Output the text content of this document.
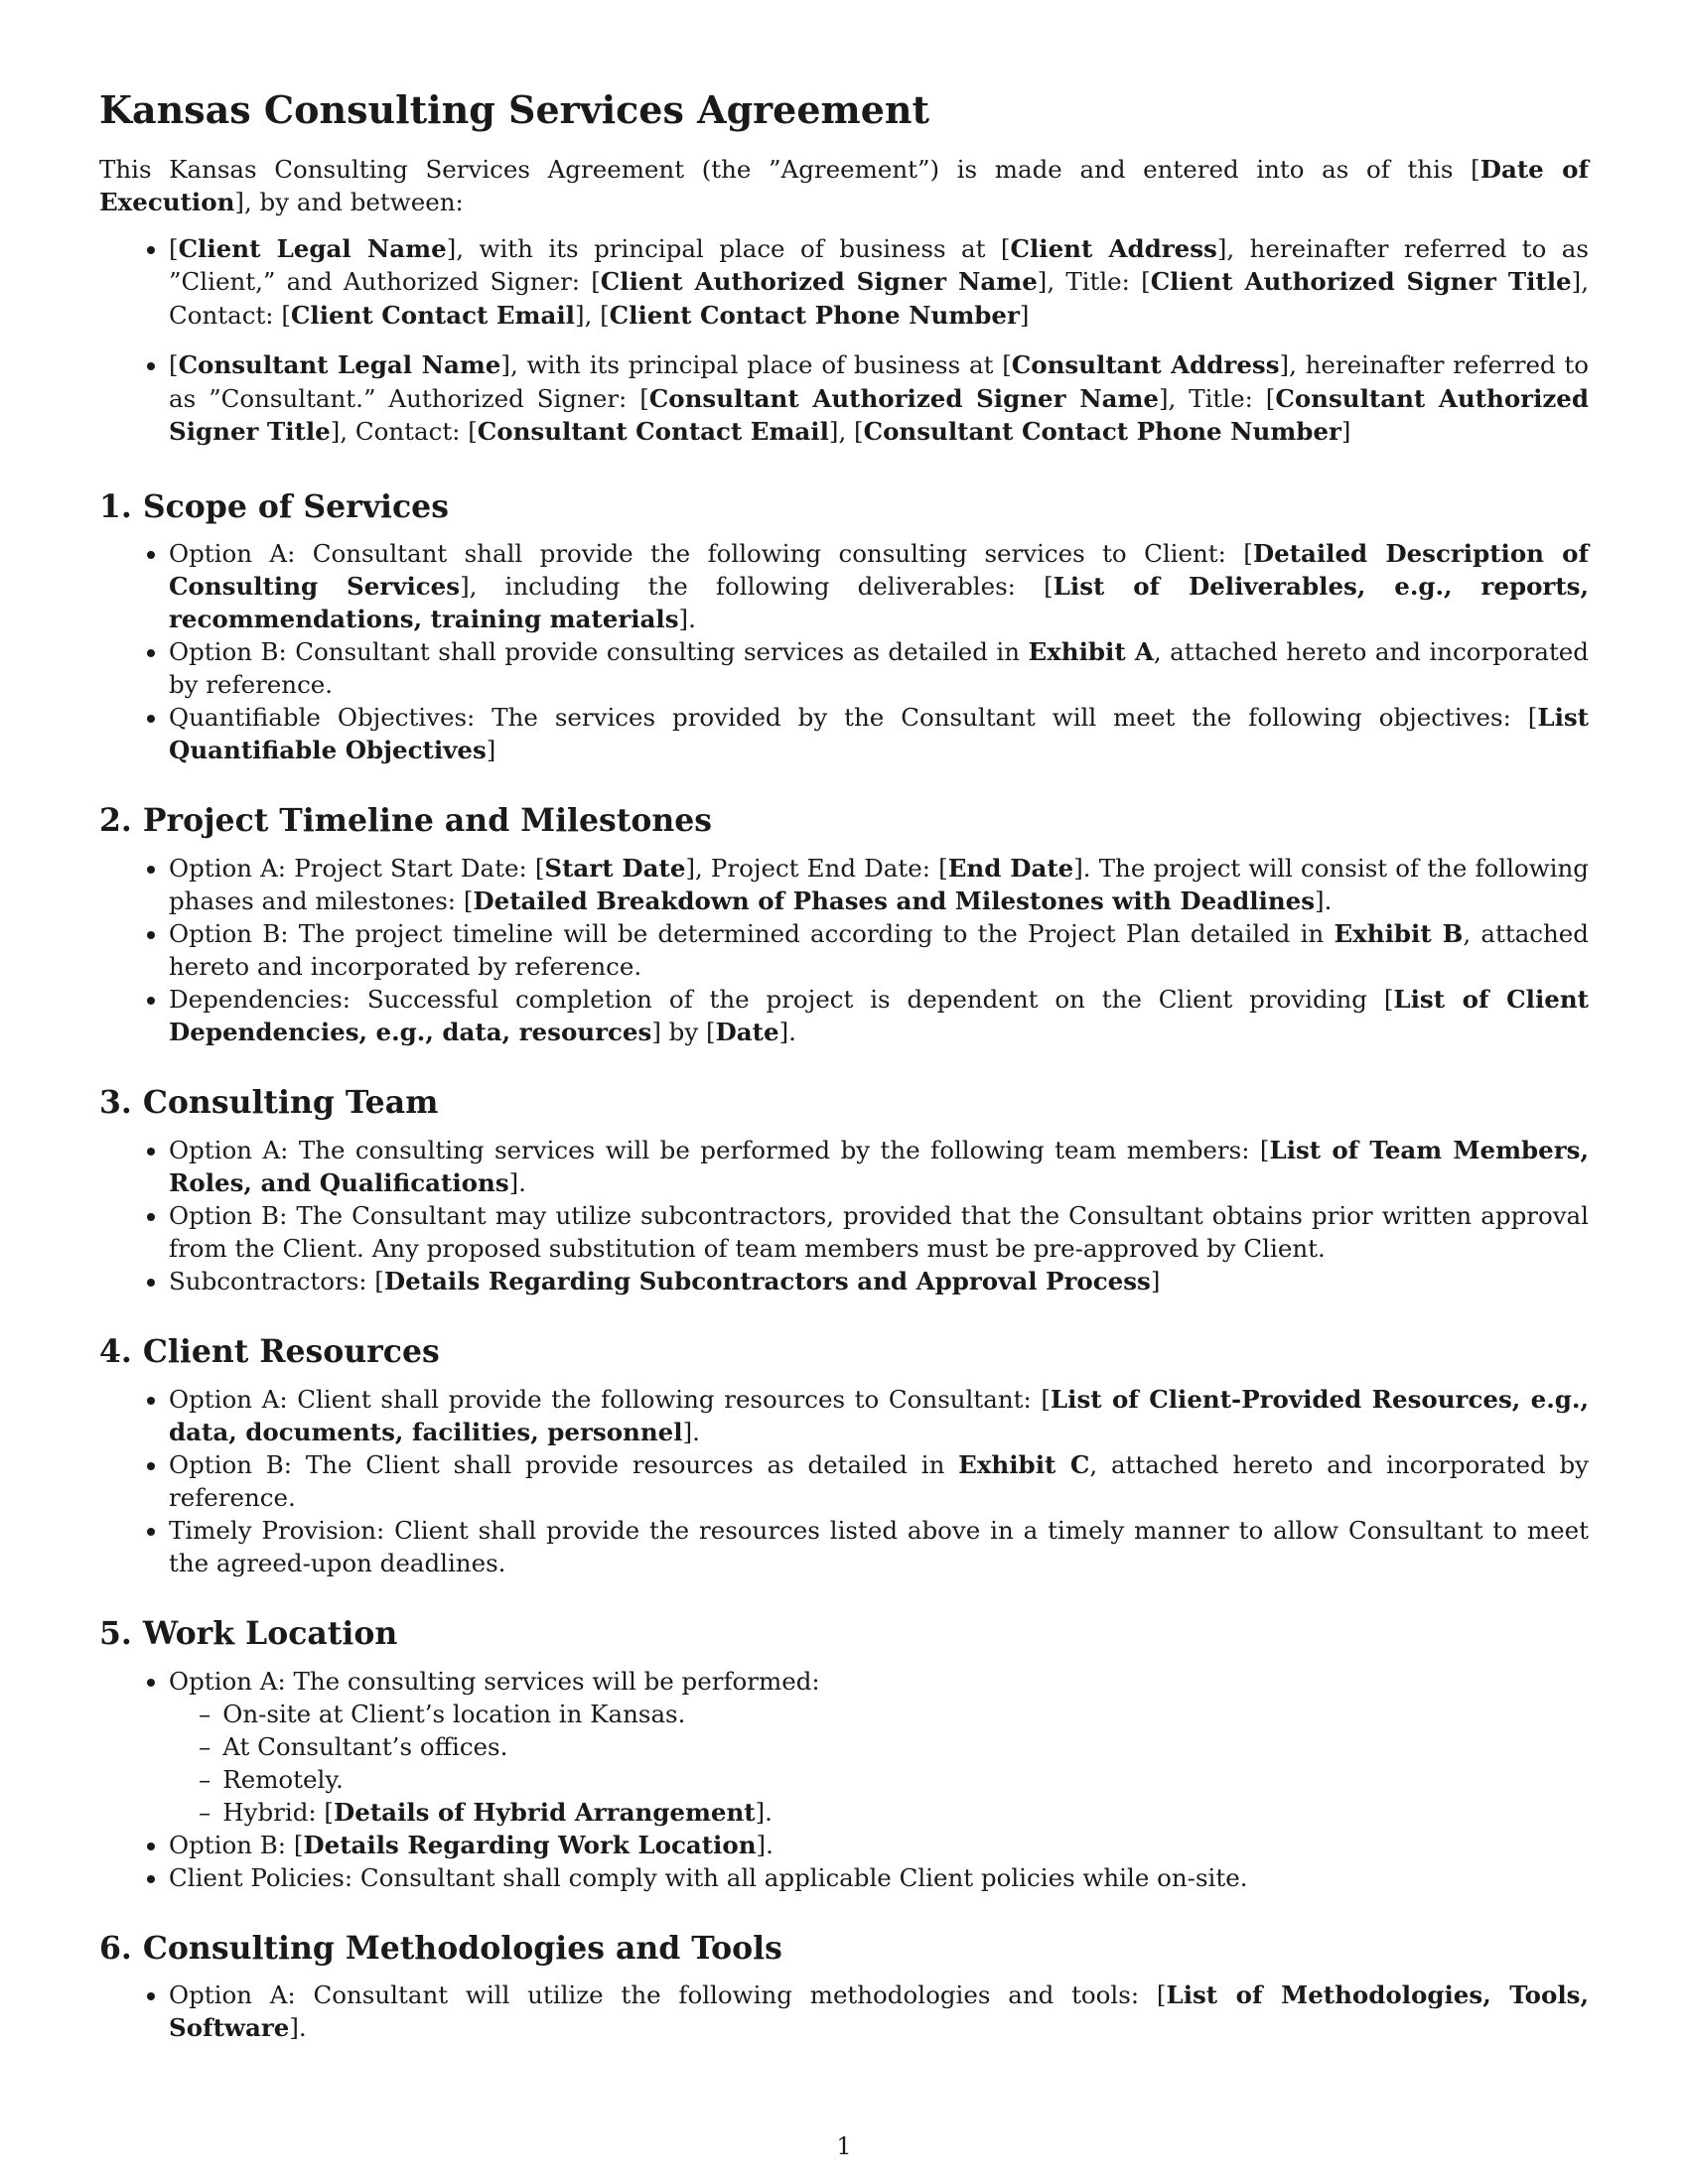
Kansas Consulting Services Agreement

This Kansas Consulting Services Agreement (the ”Agreement”) is made and entered into as of this [Date of Execution], by and between:

• [Client Legal Name], with its principal place of business at [Client Address], hereinafter referred to as ”Client,” and Authorized Signer: [Client Authorized Signer Name], Title: [Client Authorized Signer Title], Contact: [Client Contact Email], [Client Contact Phone Number]
• [Consultant Legal Name], with its principal place of business at [Consultant Address], hereinafter referred to as ”Consultant.” Authorized Signer: [Consultant Authorized Signer Name], Title: [Consultant Authorized Signer Title], Contact: [Consultant Contact Email], [Consultant Contact Phone Number]
1. Scope of Services
• Option A: Consultant shall provide the following consulting services to Client: [Detailed Description of Consulting Services], including the following deliverables: [List of Deliverables, e.g., reports, recommendations, training materials].
• Option B: Consultant shall provide consulting services as detailed in Exhibit A, attached hereto and incorporated by reference.
• Quantifiable Objectives: The services provided by the Consultant will meet the following objectives: [List Quantifiable Objectives]
2. Project Timeline and Milestones
• Option A: Project Start Date: [Start Date], Project End Date: [End Date]. The project will consist of the following phases and milestones: [Detailed Breakdown of Phases and Milestones with Deadlines].
• Option B: The project timeline will be determined according to the Project Plan detailed in Exhibit B, attached hereto and incorporated by reference.
• Dependencies: Successful completion of the project is dependent on the Client providing [List of Client Dependencies, e.g., data, resources] by [Date].
3. Consulting Team
• Option A: The consulting services will be performed by the following team members: [List of Team Members, Roles, and Qualifications].
• Option B: The Consultant may utilize subcontractors, provided that the Consultant obtains prior written approval from the Client. Any proposed substitution of team members must be pre-approved by Client.
• Subcontractors: [Details Regarding Subcontractors and Approval Process]
4. Client Resources
• Option A: Client shall provide the following resources to Consultant: [List of Client-Provided Resources, e.g., data, documents, facilities, personnel].
• Option B: The Client shall provide resources as detailed in Exhibit C, attached hereto and incorporated by reference.
• Timely Provision: Client shall provide the resources listed above in a timely manner to allow Consultant to meet the agreed-upon deadlines.
5. Work Location
• Option A: The consulting services will be performed:
– On-site at Client’s location in Kansas.
– At Consultant’s offices.
– Remotely.
– Hybrid: [Details of Hybrid Arrangement].
• Option B: [Details Regarding Work Location].
• Client Policies: Consultant shall comply with all applicable Client policies while on-site.
6. Consulting Methodologies and Tools
• Option A: Consultant will utilize the following methodologies and tools: [List of Methodologies, Tools, Software].
1
